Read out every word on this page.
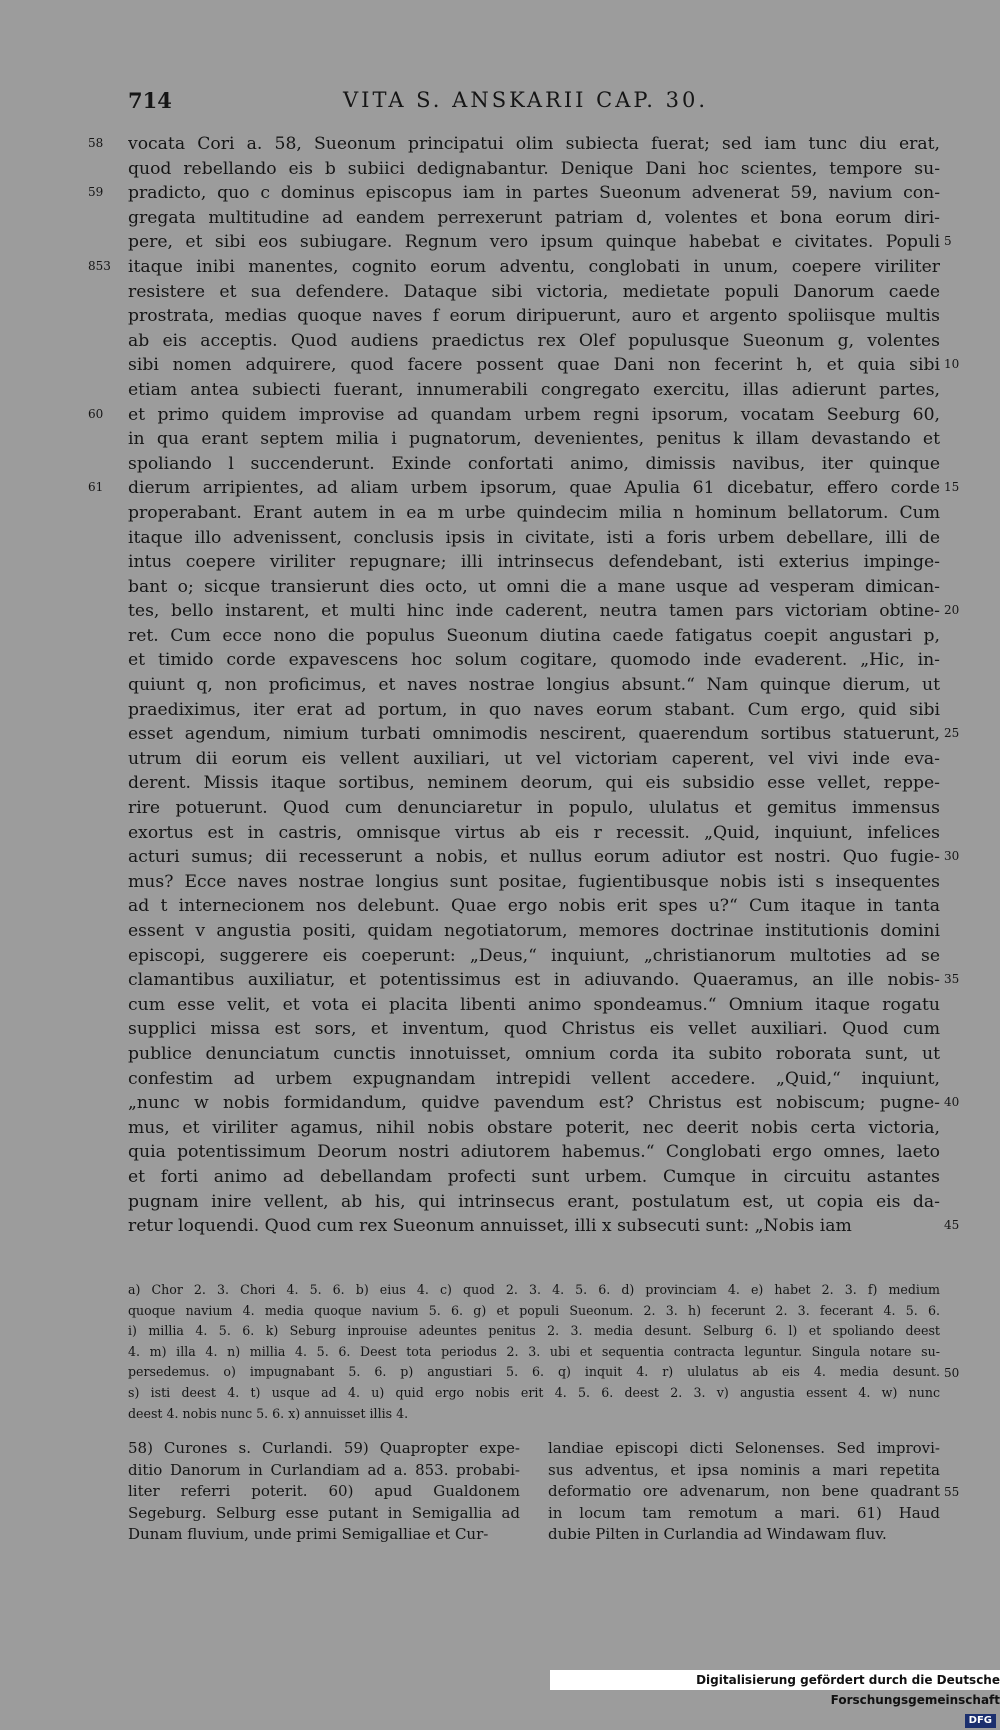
714	VITA S. ANSKARII CAP. 30.
vocata Cori a. 58, Sueonum principatui olim subiecta fuerat; sed iam tunc diu erat,
quod rebellando eis b subiici dedignabantur. Denique Dani hoc scientes, tempore su-
pradicto, quo c dominus episcopus iam in partes Sueonum advenerat 59, navium con-
gregata multitudine ad eandem perrexerunt patriam d, volentes et bona eorum diri-
pere, et sibi eos subiugare. Regnum vero ipsum quinque habebat e civitates. Populi
itaque inibi manentes, cognito eorum adventu, conglobati in unum, coepere viriliter
resistere et sua defendere. Dataque sibi victoria, medietate populi Danorum caede
prostrata, medias quoque naves f eorum diripuerunt, auro et argento spoliisque multis
ab eis acceptis. Quod audiens praedictus rex Olef populusque Sueonum g, volentes
sibi nomen adquirere, quod facere possent quae Dani non fecerint h, et quia sibi
etiam antea subiecti fuerant, innumerabili congregato exercitu, illas adierunt partes,
et primo quidem improvise ad quandam urbem regni ipsorum, vocatam Seeburg 60,
in qua erant septem milia i pugnatorum, devenientes, penitus k illam devastando et
spoliando l succenderunt. Exinde confortati animo, dimissis navibus, iter quinque
dierum arripientes, ad aliam urbem ipsorum, quae Apulia 61 dicebatur, effero corde
properabant. Erant autem in ea m urbe quindecim milia n hominum bellatorum. Cum
itaque illo advenissent, conclusis ipsis in civitate, isti a foris urbem debellare, illi de
intus coepere viriliter repugnare; illi intrinsecus defendebant, isti exterius impinge-
bant o; sicque transierunt dies octo, ut omni die a mane usque ad vesperam dimican-
tes, bello instarent, et multi hinc inde caderent, neutra tamen pars victoriam obtine-
ret. Cum ecce nono die populus Sueonum diutina caede fatigatus coepit angustari p,
et timido corde expavescens hoc solum cogitare, quomodo inde evaderent. „Hic, in-
quiunt q, non proficimus, et naves nostrae longius absunt.“ Nam quinque dierum, ut
praediximus, iter erat ad portum, in quo naves eorum stabant. Cum ergo, quid sibi
esset agendum, nimium turbati omnimodis nescirent, quaerendum sortibus statuerunt,
utrum dii eorum eis vellent auxiliari, ut vel victoriam caperent, vel vivi inde eva-
derent. Missis itaque sortibus, neminem deorum, qui eis subsidio esse vellet, reppe-
rire potuerunt. Quod cum denunciaretur in populo, ululatus et gemitus immensus
exortus est in castris, omnisque virtus ab eis r recessit. „Quid, inquiunt, infelices
acturi sumus; dii recesserunt a nobis, et nullus eorum adiutor est nostri. Quo fugie-
mus? Ecce naves nostrae longius sunt positae, fugientibusque nobis isti s insequentes
ad t internecionem nos delebunt. Quae ergo nobis erit spes u?“ Cum itaque in tanta
essent v angustia positi, quidam negotiatorum, memores doctrinae institutionis domini
episcopi, suggerere eis coeperunt: „Deus,“ inquiunt, „christianorum multoties ad se
clamantibus auxiliatur, et potentissimus est in adiuvando. Quaeramus, an ille nobis-
cum esse velit, et vota ei placita libenti animo spondeamus.“ Omnium itaque rogatu
supplici missa est sors, et inventum, quod Christus eis vellet auxiliari. Quod cum
publice denunciatum cunctis innotuisset, omnium corda ita subito roborata sunt, ut
confestim ad urbem expugnandam intrepidi vellent accedere. „Quid,“ inquiunt,
„nunc w nobis formidandum, quidve pavendum est? Christus est nobiscum; pugne-
mus, et viriliter agamus, nihil nobis obstare poterit, nec deerit nobis certa victoria,
quia potentissimum Deorum nostri adiutorem habemus.“ Conglobati ergo omnes, laeto
et forti animo ad debellandam profecti sunt urbem. Cumque in circuitu astantes
pugnam inire vellent, ab his, qui intrinsecus erant, postulatum est, ut copia eis da-
retur loquendi. Quod cum rex Sueonum annuisset, illi x subsecuti sunt: „Nobis iam
58
59
853
60
61
5
10
15
20
25
30
35
40
45
50
55
a) Chor 2. 3. Chori 4. 5. 6. b) eius 4. c) quod 2. 3. 4. 5. 6. d) provinciam 4. e) habet 2. 3. f) medium
quoque navium 4. media quoque navium 5. 6. g) et populi Sueonum. 2. 3. h) fecerunt 2. 3. fecerant 4. 5. 6.
i) millia 4. 5. 6. k) Seburg inprouise adeuntes penitus 2. 3. media desunt. Selburg 6. l) et spoliando deest
4. m) illa 4. n) millia 4. 5. 6. Deest tota periodus 2. 3. ubi et sequentia contracta leguntur. Singula notare su-
persedemus. o) impugnabant 5. 6. p) angustiari 5. 6. q) inquit 4. r) ululatus ab eis 4. media desunt.
s) isti deest 4. t) usque ad 4. u) quid ergo nobis erit 4. 5. 6. deest 2. 3. v) angustia essent 4. w) nunc
deest 4. nobis nunc 5. 6. x) annuisset illis 4.
58) Curones s. Curlandi. 59) Quapropter expe-
ditio Danorum in Curlandiam ad a. 853. probabi-
liter referri poterit. 60) apud Gualdonem
Segeburg. Selburg esse putant in Semigallia ad
Dunam fluvium, unde primi Semigalliae et Cur-
landiae episcopi dicti Selonenses. Sed improvi-
sus adventus, et ipsa nominis a mari repetita
deformatio ore advenarum, non bene quadrant
in locum tam remotum a mari. 61) Haud
dubie Pilten in Curlandia ad Windawam fluv.
Digitalisierung gefördert durch die Deutsche ForschungsgemeinschaftDFG
